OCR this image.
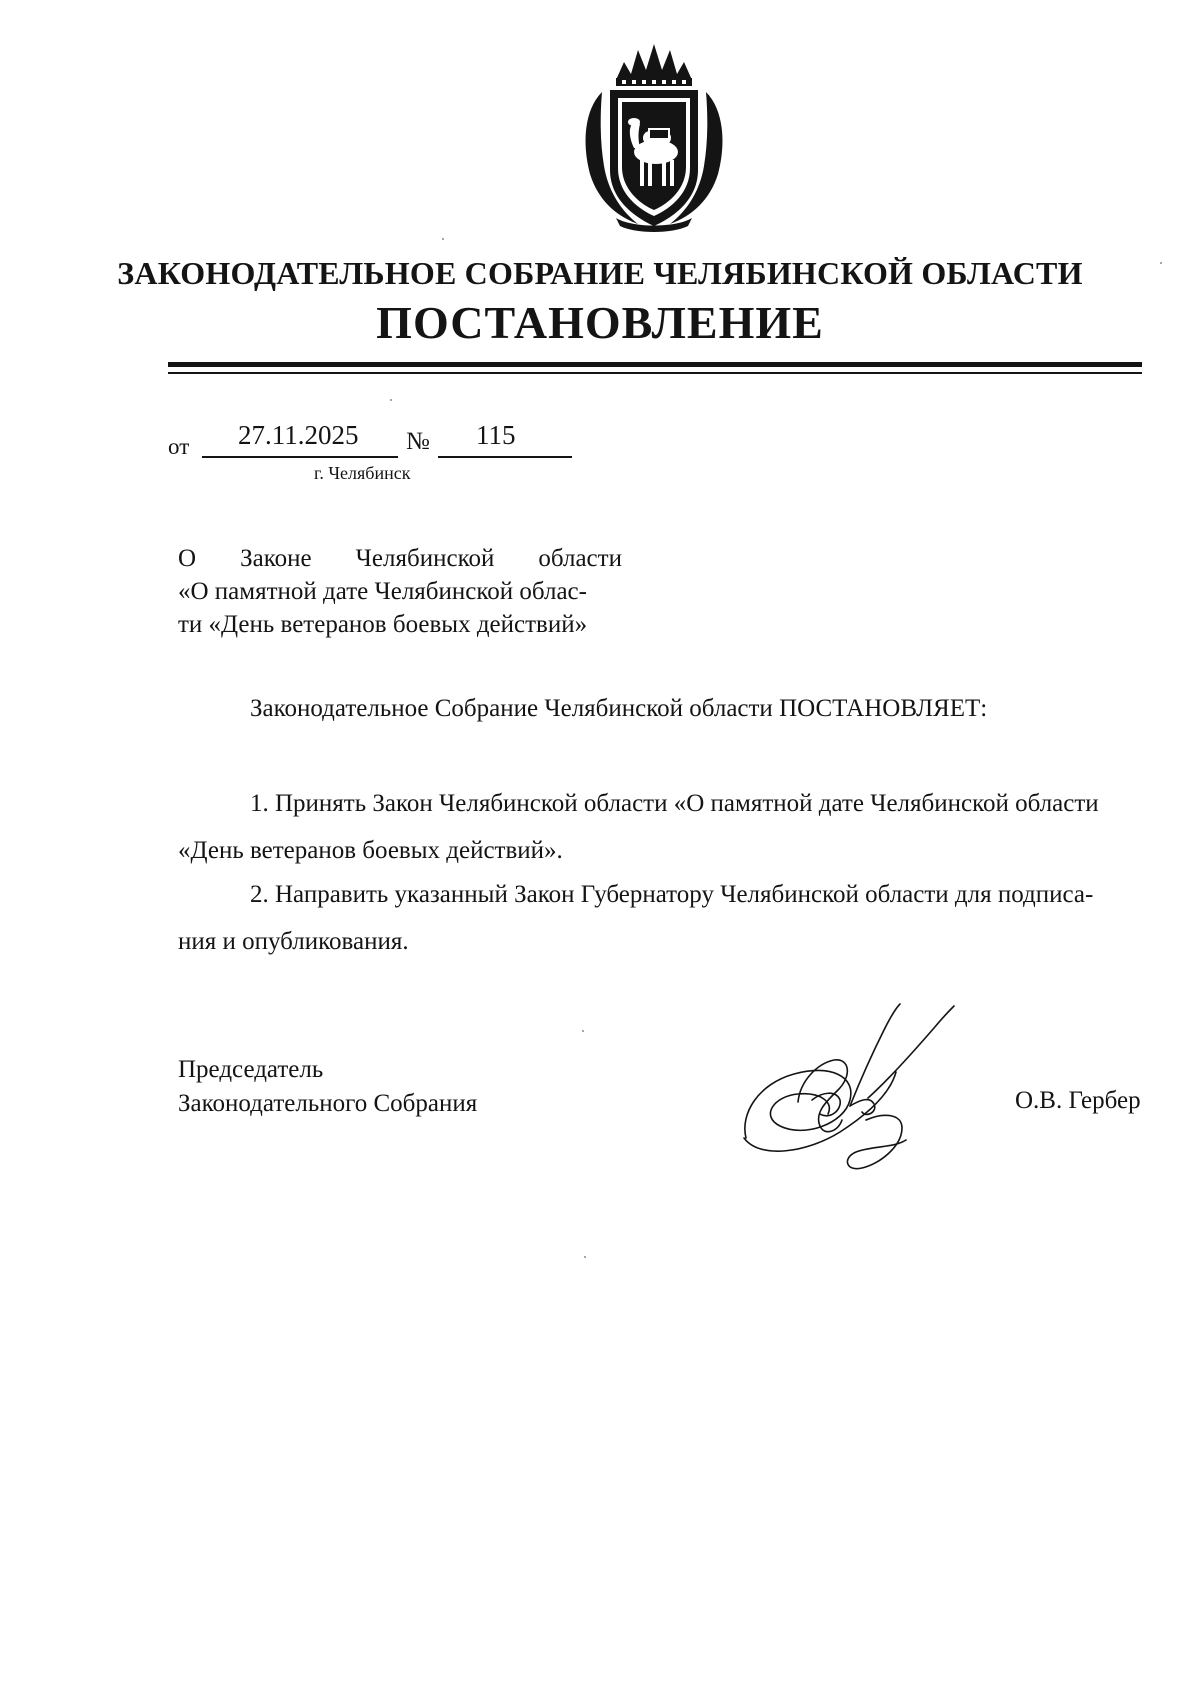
ЗАКОНОДАТЕЛЬНОЕ СОБРАНИЕ ЧЕЛЯБИНСКОЙ ОБЛАСТИ
ПОСТАНОВЛЕНИЕ
от 27.11.2025 № 115
г. Челябинск
О Законе Челябинской области
«О памятной дате Челябинской облас-
ти «День ветеранов боевых действий»
Законодательное Собрание Челябинской области ПОСТАНОВЛЯЕТ:
1. Принять Закон Челябинской области «О памятной дате Челябинской области
«День ветеранов боевых действий».
2. Направить указанный Закон Губернатору Челябинской области для подписа-
ния и опубликования.
Председатель
Законодательного Собрания	О.В. Гербер
